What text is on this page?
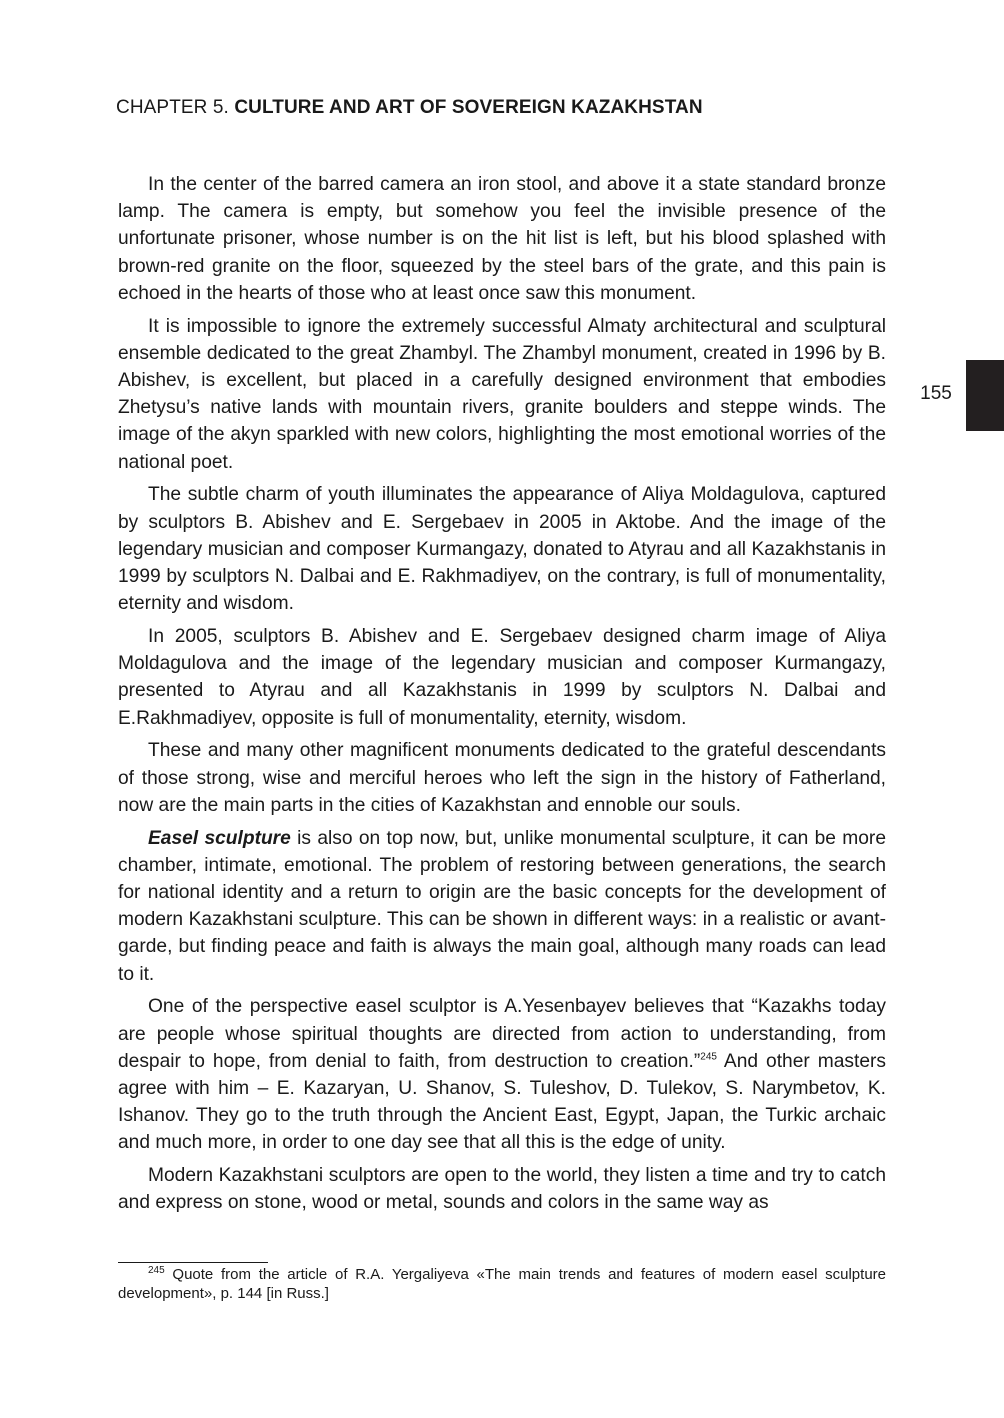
CHAPTER 5. CULTURE AND ART OF SOVEREIGN KAZAKHSTAN
155

In the center of the barred camera an iron stool, and above it a state standard bronze lamp. The camera is empty, but somehow you feel the invisible presence of the unfortunate prisoner, whose number is on the hit list is left, but his blood splashed with brown-red granite on the floor, squeezed by the steel bars of the grate, and this pain is echoed in the hearts of those who at least once saw this monument.

It is impossible to ignore the extremely successful Almaty architectural and sculptural ensemble dedicated to the great Zhambyl. The Zhambyl monument, created in 1996 by B. Abishev, is excellent, but placed in a carefully designed environment that embodies Zhetysu’s native lands with mountain rivers, granite boulders and steppe winds. The image of the akyn sparkled with new colors, highlighting the most emotional worries of the national poet.

The subtle charm of youth illuminates the appearance of Aliya Moldagulova, captured by sculptors B. Abishev and E. Sergebaev in 2005 in Aktobe. And the image of the legendary musician and composer Kurmangazy, donated to Atyrau and all Kazakhstanis in 1999 by sculptors N. Dalbai and E. Rakhmadiyev, on the contrary, is full of monumentality, eternity and wisdom.

In 2005, sculptors B. Abishev and E. Sergebaev designed charm image of Aliya Moldagulova and the image of the legendary musician and composer Kurmangazy, presented to Atyrau and all Kazakhstanis in 1999 by sculptors N. Dalbai and E.Rakhmadiyev, opposite is full of monumentality, eternity, wisdom.

These and many other magnificent monuments dedicated to the grateful descendants of those strong, wise and merciful heroes who left the sign in the history of Fatherland, now are the main parts in the cities of Kazakhstan and ennoble our souls.

Easel sculpture is also on top now, but, unlike monumental sculpture, it can be more chamber, intimate, emotional. The problem of restoring between generations, the search for national identity and a return to origin are the basic concepts for the development of modern Kazakhstani sculpture. This can be shown in different ways: in a realistic or avant-garde, but finding peace and faith is always the main goal, although many roads can lead to it.

One of the perspective easel sculptor is A.Yesenbayev believes that “Kazakhs today are people whose spiritual thoughts are directed from action to understanding, from despair to hope, from denial to faith, from destruction to creation.”$^{245}$ And other masters agree with him – E. Kazaryan, U. Shanov, S. Tuleshov, D. Tulekov, S. Narymbetov, K. Ishanov. They go to the truth through the Ancient East, Egypt, Japan, the Turkic archaic and much more, in order to one day see that all this is the edge of unity.

Modern Kazakhstani sculptors are open to the world, they listen a time and try to catch and express on stone, wood or metal, sounds and colors in the same way as

$^{245}$ Quote from the article of R.A. Yergaliyeva «The main trends and features of modern easel sculpture development», p. 144 [in Russ.]
